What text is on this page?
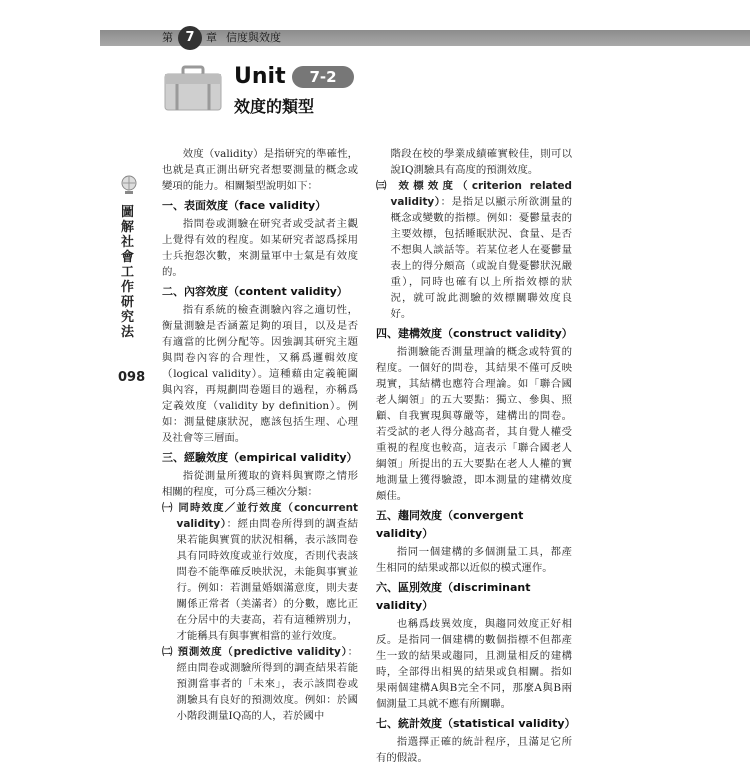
第	章 信度與效度
7
Unit	7-2
效度的類型
圖解社會工作研究法
098

效度（validity）是指研究的準確性，也就是真正測出研究者想要測量的概念或變項的能力。相關類型說明如下：

一、表面效度（face validity）

指問卷或測驗在研究者或受試者主觀上覺得有效的程度。如某研究者認爲採用士兵抱怨次數，來測量軍中士氣是有效度的。

二、內容效度（content validity）

指有系統的檢查測驗內容之適切性，衡量測驗是否涵蓋足夠的項目，以及是否有適當的比例分配等。因強調其研究主題與問卷內容的合理性，又稱爲邏輯效度（logical validity）。這種藉由定義範圍與內容，再規劃問卷題目的過程，亦稱爲定義效度（validity by definition）。例如：測量健康狀況，應該包括生理、心理及社會等三層面。

三、經驗效度（empirical validity）

指從測量所獲取的資料與實際之情形相關的程度，可分爲三種次分類：

㈠ 同時效度／並行效度（concurrent validity）：經由問卷所得到的調查結果若能與實質的狀況相稱，表示該問卷具有同時效度或並行效度，否則代表該問卷不能準確反映狀況，未能與事實並行。例如：若測量婚姻滿意度，則夫妻關係正常者（美滿者）的分數，應比正在分居中的夫妻高，若有這種辨別力，才能稱具有與事實相當的並行效度。

㈡ 預測效度（predictive validity）：經由問卷或測驗所得到的調查結果若能預測當事者的「未來」，表示該問卷或測驗具有良好的預測效度。例如：於國小階段測量IQ高的人，若於國中

階段在校的學業成績確實較佳，則可以說IQ測驗具有高度的預測效度。

㈢ 效標效度（criterion related validity）：是指足以顯示所欲測量的概念或變數的指標。例如：憂鬱量表的主要效標，包括睡眠狀況、食量、是否不想與人談話等。若某位老人在憂鬱量表上的得分頗高（或說自覺憂鬱狀況嚴重），同時也確有以上所指效標的狀況，就可說此測驗的效標關聯效度良好。

四、建構效度（construct validity）

指測驗能否測量理論的概念或特質的程度。一個好的問卷，其結果不僅可反映現實，其結構也應符合理論。如「聯合國老人綱領」的五大要點：獨立、參與、照顧、自我實現與尊嚴等，建構出的問卷。若受試的老人得分越高者，其自覺人權受重視的程度也較高，這表示「聯合國老人綱領」所提出的五大要點在老人人權的實地測量上獲得驗證，即本測量的建構效度頗佳。

五、趨同效度（convergent validity）

指同一個建構的多個測量工具，都產生相同的結果或都以近似的模式運作。

六、區別效度（discriminant validity）

也稱爲歧異效度，與趨同效度正好相反。是指同一個建構的數個指標不但都產生一致的結果或趨同，且測量相反的建構時，全部得出相異的結果或負相關。指如果兩個建構A與B完全不同，那麼A與B兩個測量工具就不應有所關聯。

七、統計效度（statistical validity）

指選擇正確的統計程序，且滿足它所有的假設。
